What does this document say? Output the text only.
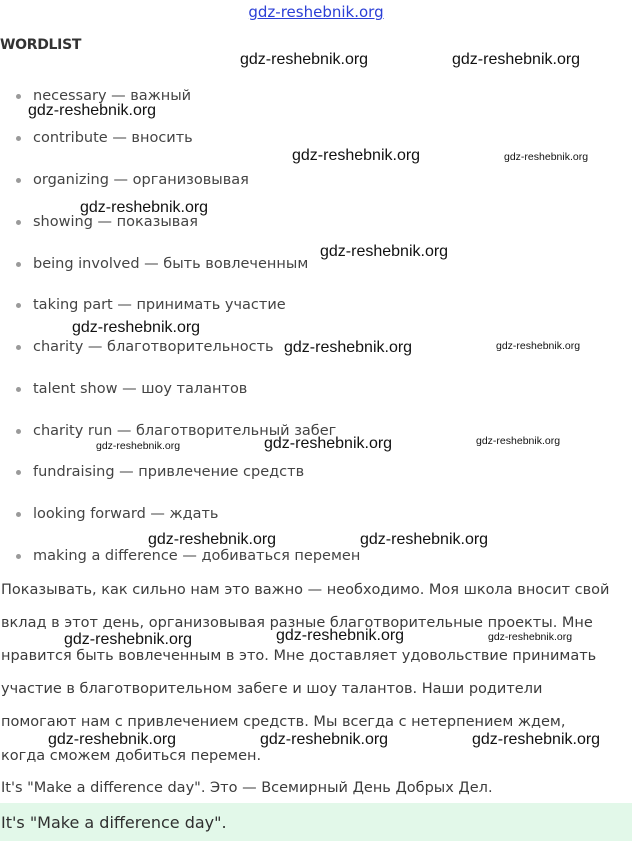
gdz-reshebnik.org
WORDLIST
necessary — важный
contribute — вносить
organizing — организовывая
showing — показывая
being involved — быть вовлеченным
taking part — принимать участие
charity — благотворительность
talent show — шоу талантов
charity run — благотворительный забег
fundraising — привлечение средств
looking forward — ждать
making a difference — добиваться перемен
Показывать, как сильно нам это важно — необходимо. Моя школа вносит свой
вклад в этот день, организовывая разные благотворительные проекты. Мне
нравится быть вовлеченным в это. Мне доставляет удовольствие принимать
участие в благотворительном забеге и шоу талантов. Наши родители
помогают нам с привлечением средств. Мы всегда с нетерпением ждем,
когда сможем добиться перемен.
It's "Make a difference day". Это — Всемирный День Добрых Дел.
It's "Make a difference day".
gdz-reshebnik.org	gdz-reshebnik.org
gdz-reshebnik.org
gdz-reshebnik.org	gdz-reshebnik.org
gdz-reshebnik.org
gdz-reshebnik.org
gdz-reshebnik.org
gdz-reshebnik.org	gdz-reshebnik.org
gdz-reshebnik.org	gdz-reshebnik.org	gdz-reshebnik.org
gdz-reshebnik.org	gdz-reshebnik.org
gdz-reshebnik.org	gdz-reshebnik.org	gdz-reshebnik.org
gdz-reshebnik.org	gdz-reshebnik.org	gdz-reshebnik.org
